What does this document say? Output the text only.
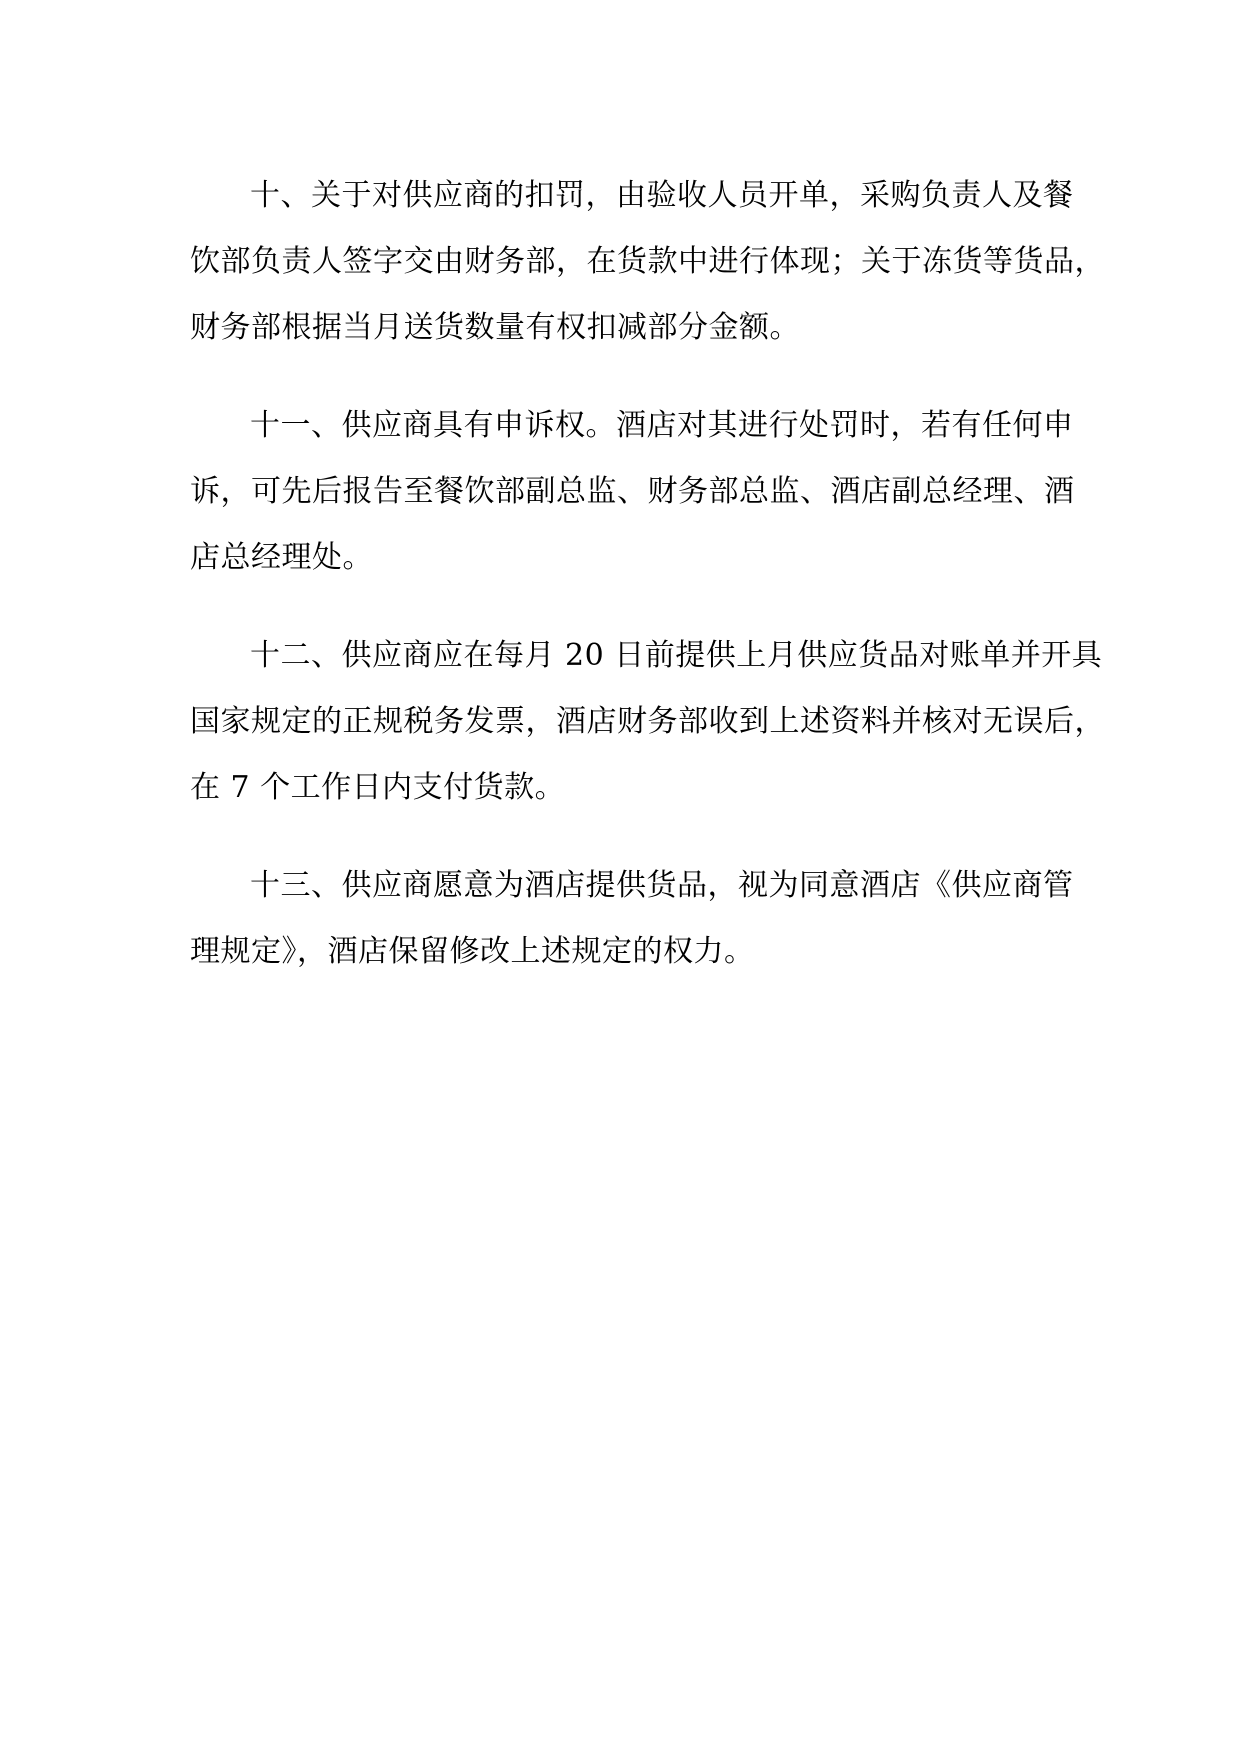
十、关于对供应商的扣罚，由验收人员开单，采购负责人及餐
饮部负责人签字交由财务部，在货款中进行体现；关于冻货等货品，
财务部根据当月送货数量有权扣减部分金额。
十一、供应商具有申诉权。酒店对其进行处罚时，若有任何申
诉，可先后报告至餐饮部副总监、财务部总监、酒店副总经理、酒
店总经理处。
十二、供应商应在每月 20 日前提供上月供应货品对账单并开具
国家规定的正规税务发票，酒店财务部收到上述资料并核对无误后，
在 7 个工作日内支付货款。
十三、供应商愿意为酒店提供货品，视为同意酒店《供应商管
理规定》，酒店保留修改上述规定的权力。
